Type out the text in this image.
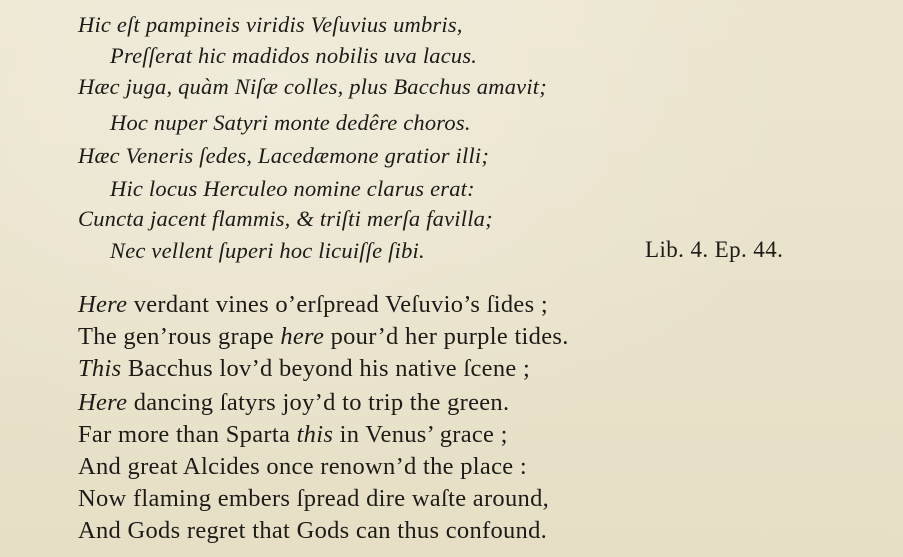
Hic eſt pampineis viridis Veſuvius umbris,
Preſſerat hic madidos nobilis uva lacus.
Hæc juga, quàm Niſæ colles, plus Bacchus amavit;
Hoc nuper Satyri monte dedêre choros.
Hæc Veneris ſedes, Lacedæmone gratior illi;
Hic locus Herculeo nomine clarus erat:
Cuncta jacent flammis, & triſti merſa favilla;
Nec vellent ſuperi hoc licuiſſe ſibi.	Lib. 4. Ep. 44.
Here verdant vines o’erſpread Veſuvio’s ſides ;
The gen’rous grape here pour’d her purple tides.
This Bacchus lov’d beyond his native ſcene ;
Here dancing ſatyrs joy’d to trip the green.
Far more than Sparta this in Venus’ grace ;
And great Alcides once renown’d the place :
Now flaming embers ſpread dire waſte around,
And Gods regret that Gods can thus confound.
